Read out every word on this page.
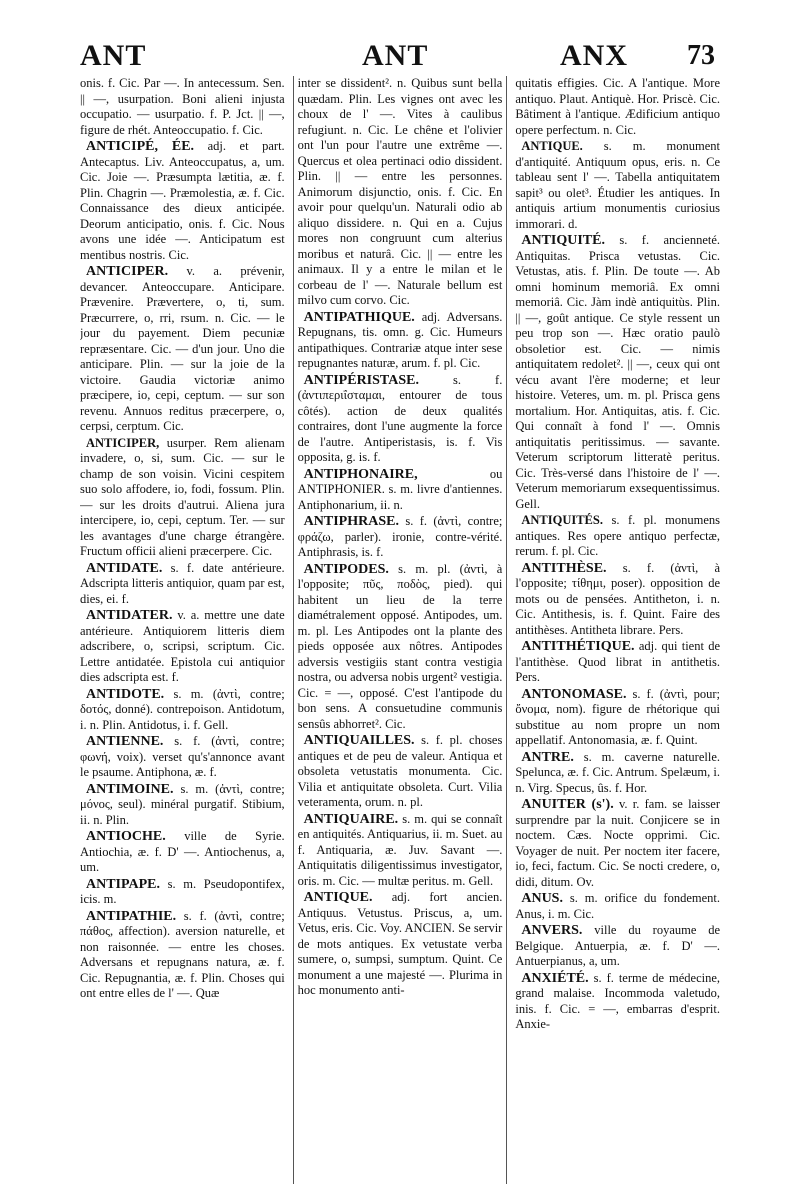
ANT	ANT	ANX 73

onis. f. Cic. Par —. In antecessum. Sen. || —, usurpation. Boni alieni injusta occupatio. — usurpatio. f. P. Jct. || —, figure de rhét. Anteoccupatio. f. Cic.

ANTICIPÉ, ÉE. adj. et part. Antecaptus. Liv. Anteoccupatus, a, um. Cic. Joie —. Præsumpta lætitia, æ. f. Plin. Chagrin —. Præmolestia, æ. f. Cic. Connaissance des dieux anticipée. Deorum anticipatio, onis. f. Cic. Nous avons une idée —. Anticipatum est mentibus nostris. Cic.

ANTICIPER. v. a. prévenir, devancer. Anteoccupare. Anticipare. Prævenire. Prævertere, o, ti, sum. Præcurrere, o, rri, rsum. n. Cic. — le jour du payement. Diem pecuniæ repræsentare. Cic. — d'un jour. Uno die anticipare. Plin. — sur la joie de la victoire. Gaudia victoriæ animo præcipere, io, cepi, ceptum. — sur son revenu. Annuos reditus præcerpere, o, cerpsi, cerptum. Cic.

ANTICIPER, usurper. Rem alienam invadere, o, si, sum. Cic. — sur le champ de son voisin. Vicini cespitem suo solo affodere, io, fodi, fossum. Plin. — sur les droits d'autrui. Aliena jura intercipere, io, cepi, ceptum. Ter. — sur les avantages d'une charge étrangère. Fructum officii alieni præcerpere. Cic.

ANTIDATE. s. f. date antérieure. Adscripta litteris antiquior, quam par est, dies, ei. f.

ANTIDATER. v. a. mettre une date antérieure. Antiquiorem litteris diem adscribere, o, scripsi, scriptum. Cic. Lettre antidatée. Epistola cui antiquior dies adscripta est. f.

ANTIDOTE. s. m. (ἀντὶ, contre; δοτός, donné). contrepoison. Antidotum, i. n. Plin. Antidotus, i. f. Gell.

ANTIENNE. s. f. (ἀντὶ, contre; φωνή, voix). verset qu's'annonce avant le psaume. Antiphona, æ. f.

ANTIMOINE. s. m. (ἀντὶ, contre; μόνος, seul). minéral purgatif. Stibium, ii. n. Plin.

ANTIOCHE. ville de Syrie. Antiochia, æ. f. D' —. Antiochenus, a, um.

ANTIPAPE. s. m. Pseudopontifex, icis. m.

ANTIPATHIE. s. f. (ἀντὶ, contre; πάθος, affection). aversion naturelle, et non raisonnée. — entre les choses. Adversans et repugnans natura, æ. f. Cic. Repugnantia, æ. f. Plin. Choses qui ont entre elles de l' —. Quæ

inter se dissident². n. Quibus sunt bella quædam. Plin. Les vignes ont avec les choux de l' —. Vites à caulibus refugiunt. n. Cic. Le chêne et l'olivier ont l'un pour l'autre une extrême —. Quercus et olea pertinaci odio dissident. Plin. || — entre les personnes. Animorum disjunctio, onis. f. Cic. En avoir pour quelqu'un. Naturali odio ab aliquo dissidere. n. Qui en a. Cujus mores non congruunt cum alterius moribus et naturâ. Cic. || — entre les animaux. Il y a entre le milan et le corbeau de l' —. Naturale bellum est milvo cum corvo. Cic.

ANTIPATHIQUE. adj. Adversans. Repugnans, tis. omn. g. Cic. Humeurs antipathiques. Contrariæ atque inter sese repugnantes naturæ, arum. f. pl. Cic.

ANTIPÉRISTASE.	s. f. (ἀντιπεριΐσταμαι, entourer de tous côtés). action de deux qualités contraires, dont l'une augmente la force de l'autre. Antiperistasis, is. f. Vis opposita, g. is. f.

ANTIPHONAIRE,	ou ANTIPHONIER. s. m. livre d'antiennes. Antiphonarium, ii. n.

ANTIPHRASE. s. f. (ἀντὶ, contre; φράζω, parler). ironie, contre-vérité. Antiphrasis, is. f.

ANTIPODES. s. m. pl. (ἀντὶ, à l'opposite; πῦς, ποδὸς, pied). qui habitent un lieu de la terre diamétralement opposé. Antipodes, um. m. pl. Les Antipodes ont la plante des pieds opposée aux nôtres. Antipodes adversis vestigiis stant contra vestigia nostra, ou adversa nobis urgent² vestigia. Cic. = —, opposé. C'est l'antipode du bon sens. A consuetudine communis sensûs abhorret². Cic.

ANTIQUAILLES. s. f. pl. choses antiques et de peu de valeur. Antiqua et obsoleta vetustatis monumenta. Cic. Vilia et antiquitate obsoleta. Curt. Vilia veteramenta, orum. n. pl.

ANTIQUAIRE. s. m. qui se connaît en antiquités. Antiquarius, ii. m. Suet. au f. Antiquaria, æ. Juv. Savant —. Antiquitatis diligentissimus investigator, oris. m. Cic. — multæ peritus. m. Gell.

ANTIQUE. adj. fort ancien. Antiquus. Vetustus. Priscus, a, um. Vetus, eris. Cic. Voy. ANCIEN. Se servir de mots antiques. Ex vetustate verba sumere, o, sumpsi, sumptum. Quint. Ce monument a une majesté —. Plurima in hoc monumento anti-

quitatis effigies. Cic. A l'antique. More antiquo. Plaut. Antiquè. Hor. Priscè. Cic. Bâtiment à l'antique. Ædificium antiquo opere perfectum. n. Cic.

ANTIQUE. s. m. monument d'antiquité. Antiquum opus, eris. n. Ce tableau sent l' —. Tabella antiquitatem sapit³ ou olet³. Étudier les antiques. In antiquis artium monumentis curiosius immorari. d.

ANTIQUITÉ. s. f. ancienneté. Antiquitas. Prisca vetustas. Cic. Vetustas, atis. f. Plin. De toute —. Ab omni hominum memoriâ. Ex omni memoriâ. Cic. Jàm indè antiquitùs. Plin. || —, goût antique. Ce style ressent un peu trop son —. Hæc oratio paulò obsoletior est. Cic. — nimis antiquitatem redolet². || —, ceux qui ont vécu avant l'ère moderne; et leur histoire. Veteres, um. m. pl. Prisca gens mortalium. Hor. Antiquitas, atis. f. Cic. Qui connaît à fond l' —. Omnis antiquitatis peritissimus. — savante. Veterum scriptorum litteratè peritus. Cic. Très-versé dans l'histoire de l' —. Veterum memoriarum exsequentissimus. Gell.

ANTIQUITÉS. s. f. pl. monumens antiques. Res opere antiquo perfectæ, rerum. f. pl. Cic.

ANTITHÈSE. s. f. (ἀντὶ, à l'opposite; τίθημι, poser). opposition de mots ou de pensées. Antitheton, i. n. Cic. Antithesis, is. f. Quint. Faire des antithèses. Antitheta librare. Pers.

ANTITHÉTIQUE. adj. qui tient de l'antithèse. Quod librat in antithetis. Pers.

ANTONOMASE. s. f. (ἀντὶ, pour; ὄνομα, nom). figure de rhétorique qui substitue au nom propre un nom appellatif. Antonomasia, æ. f. Quint.

ANTRE. s. m. caverne naturelle. Spelunca, æ. f. Cic. Antrum. Spelæum, i. n. Virg. Specus, ûs. f. Hor.

ANUITER (s'). v. r. fam. se laisser surprendre par la nuit. Conjicere se in noctem. Cæs. Nocte opprimi. Cic. Voyager de nuit. Per noctem iter facere, io, feci, factum. Cic. Se nocti credere, o, didi, ditum. Ov.

ANUS. s. m. orifice du fondement. Anus, i. m. Cic.

ANVERS. ville du royaume de Belgique. Antuerpia, æ. f. D' —. Antuerpianus, a, um.

ANXIÉTÉ. s. f. terme de médecine, grand malaise. Incommoda valetudo, inis. f. Cic. = —, embarras d'esprit. Anxie-
